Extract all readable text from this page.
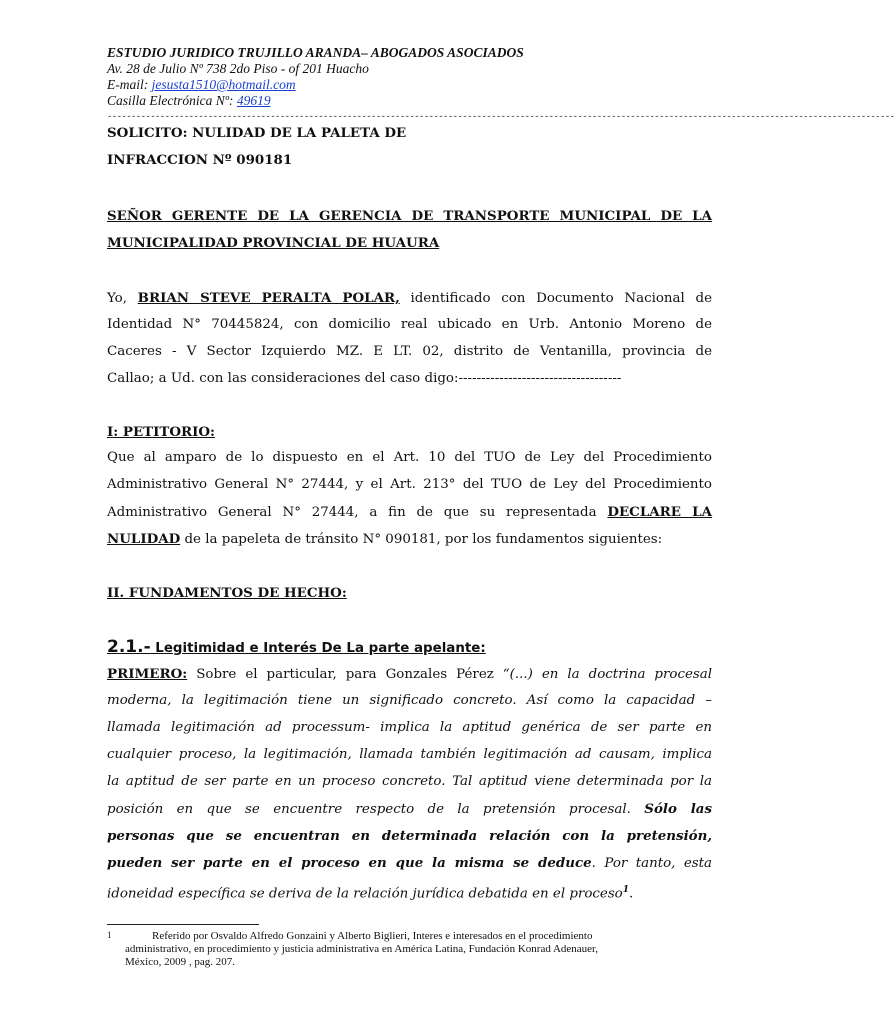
ESTUDIO JURIDICO TRUJILLO ARANDA– ABOGADOS ASOCIADOS
Av. 28 de Julio Nº 738 2do Piso - of 201 Huacho
E-mail: jesusta1510@hotmail.com
Casilla Electrónica Nº: 49619
--------------------------------------------------------------------------------------------------------------------------------------------------------------------
SOLICITO: NULIDAD DE LA PALETA DE
INFRACCION Nº 090181
SEÑOR GERENTE DE LA GERENCIA DE TRANSPORTE MUNICIPAL DE LA
MUNICIPALIDAD PROVINCIAL DE HUAURA
Yo, BRIAN STEVE PERALTA POLAR, identificado con Documento Nacional de
Identidad N° 70445824, con domicilio real ubicado en Urb. Antonio Moreno de
Caceres - V Sector Izquierdo MZ. E LT. 02, distrito de Ventanilla, provincia de
Callao; a Ud. con las consideraciones del caso digo:------------------------------------
I: PETITORIO:
Que al amparo de lo dispuesto en el Art. 10 del TUO de Ley del Procedimiento
Administrativo General N° 27444, y el Art. 213° del TUO de Ley del Procedimiento
Administrativo General N° 27444, a fin de que su representada DECLARE LA
NULIDAD de la papeleta de tránsito N° 090181, por los fundamentos siguientes:
II. FUNDAMENTOS DE HECHO:
2.1.- Legitimidad e Interés De La parte apelante:
PRIMERO: Sobre el particular, para Gonzales Pérez “(...) en la doctrina procesal
moderna, la legitimación tiene un significado concreto. Así como la capacidad –
llamada legitimación ad processum- implica la aptitud genérica de ser parte en
cualquier proceso, la legitimación, llamada también legitimación ad causam, implica
la aptitud de ser parte en un proceso concreto. Tal aptitud viene determinada por la
posición en que se encuentre respecto de la pretensión procesal. Sólo las
personas que se encuentran en determinada relación con la pretensión,
pueden ser parte en el proceso en que la misma se deduce. Por tanto, esta
idoneidad específica se deriva de la relación jurídica debatida en el proceso$^1$.
1	Referido por Osvaldo Alfredo Gonzaini y Alberto Biglieri, Interes e interesados en el procedimiento
administrativo, en procedimiento y justicia administrativa en América Latina, Fundación Konrad Adenauer,
México, 2009 , pag. 207.
